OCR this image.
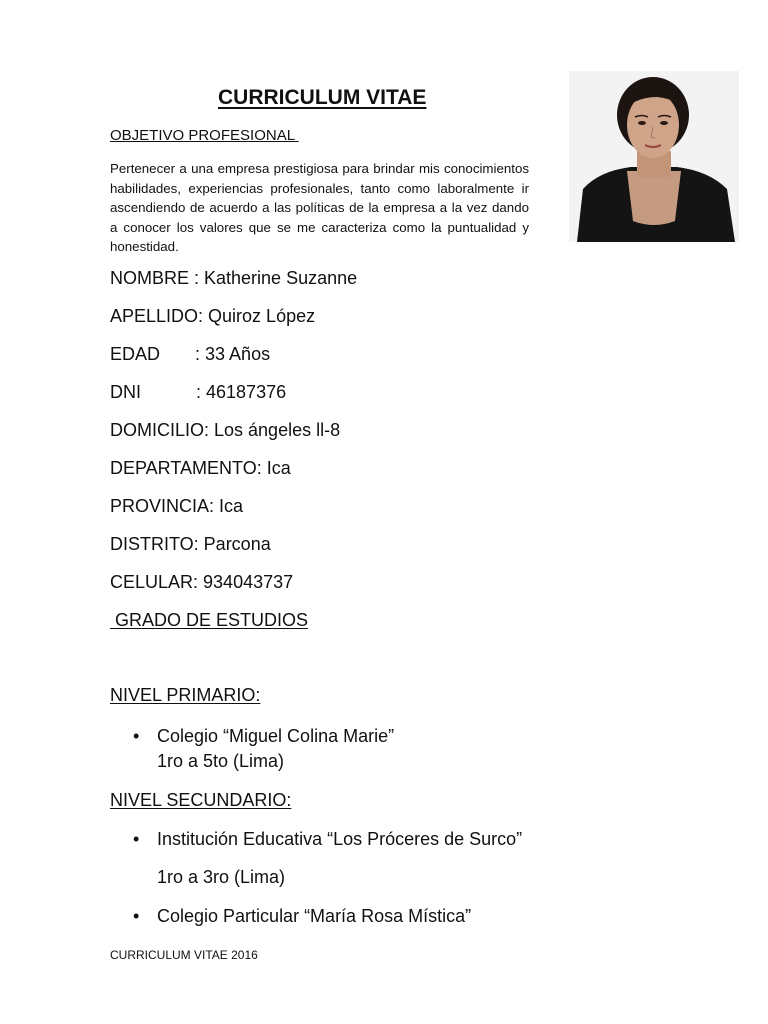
CURRICULUM VITAE
OBJETIVO PROFESIONAL
Pertenecer a una empresa prestigiosa para brindar mis conocimientos habilidades, experiencias profesionales, tanto como laboralmente ir ascendiendo de acuerdo a las políticas de la empresa a la vez dando a conocer los valores que se me caracteriza como la puntualidad y honestidad.
NOMBRE : Katherine Suzanne
APELLIDO: Quiroz López
EDAD       : 33 Años
DNI           : 46187376
DOMICILIO: Los ángeles ll-8
DEPARTAMENTO: Ica
PROVINCIA: Ica
DISTRITO: Parcona
CELULAR: 934043737
GRADO DE ESTUDIOS
NIVEL PRIMARIO:
• Colegio “Miguel Colina Marie”
1ro a 5to (Lima)
NIVEL SECUNDARIO:
• Institución Educativa “Los Próceres de Surco”
1ro a 3ro (Lima)
• Colegio Particular “María Rosa Mística”
CURRICULUM VITAE 2016
